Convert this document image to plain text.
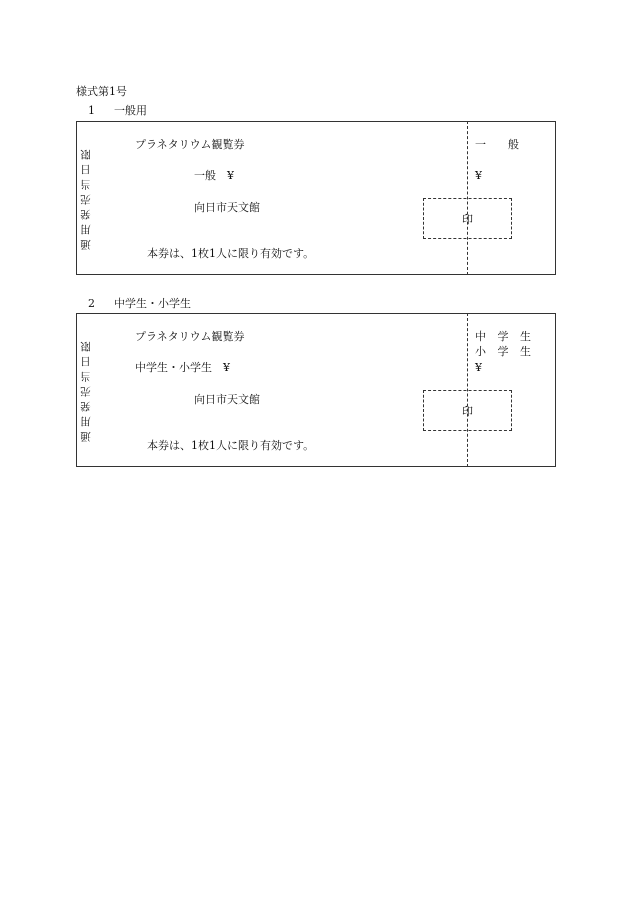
様式第1号
1 一般用
通用発売当日限
プラネタリウム観覧券
一般　¥
向日市天文館
本券は、1枚1人に限り有効です。
一　　般
¥
印
2 中学生・小学生
通用発売当日限
プラネタリウム観覧券
中学生・小学生　¥
向日市天文館
本券は、1枚1人に限り有効です。
中 学 生
小 学 生
¥
印
